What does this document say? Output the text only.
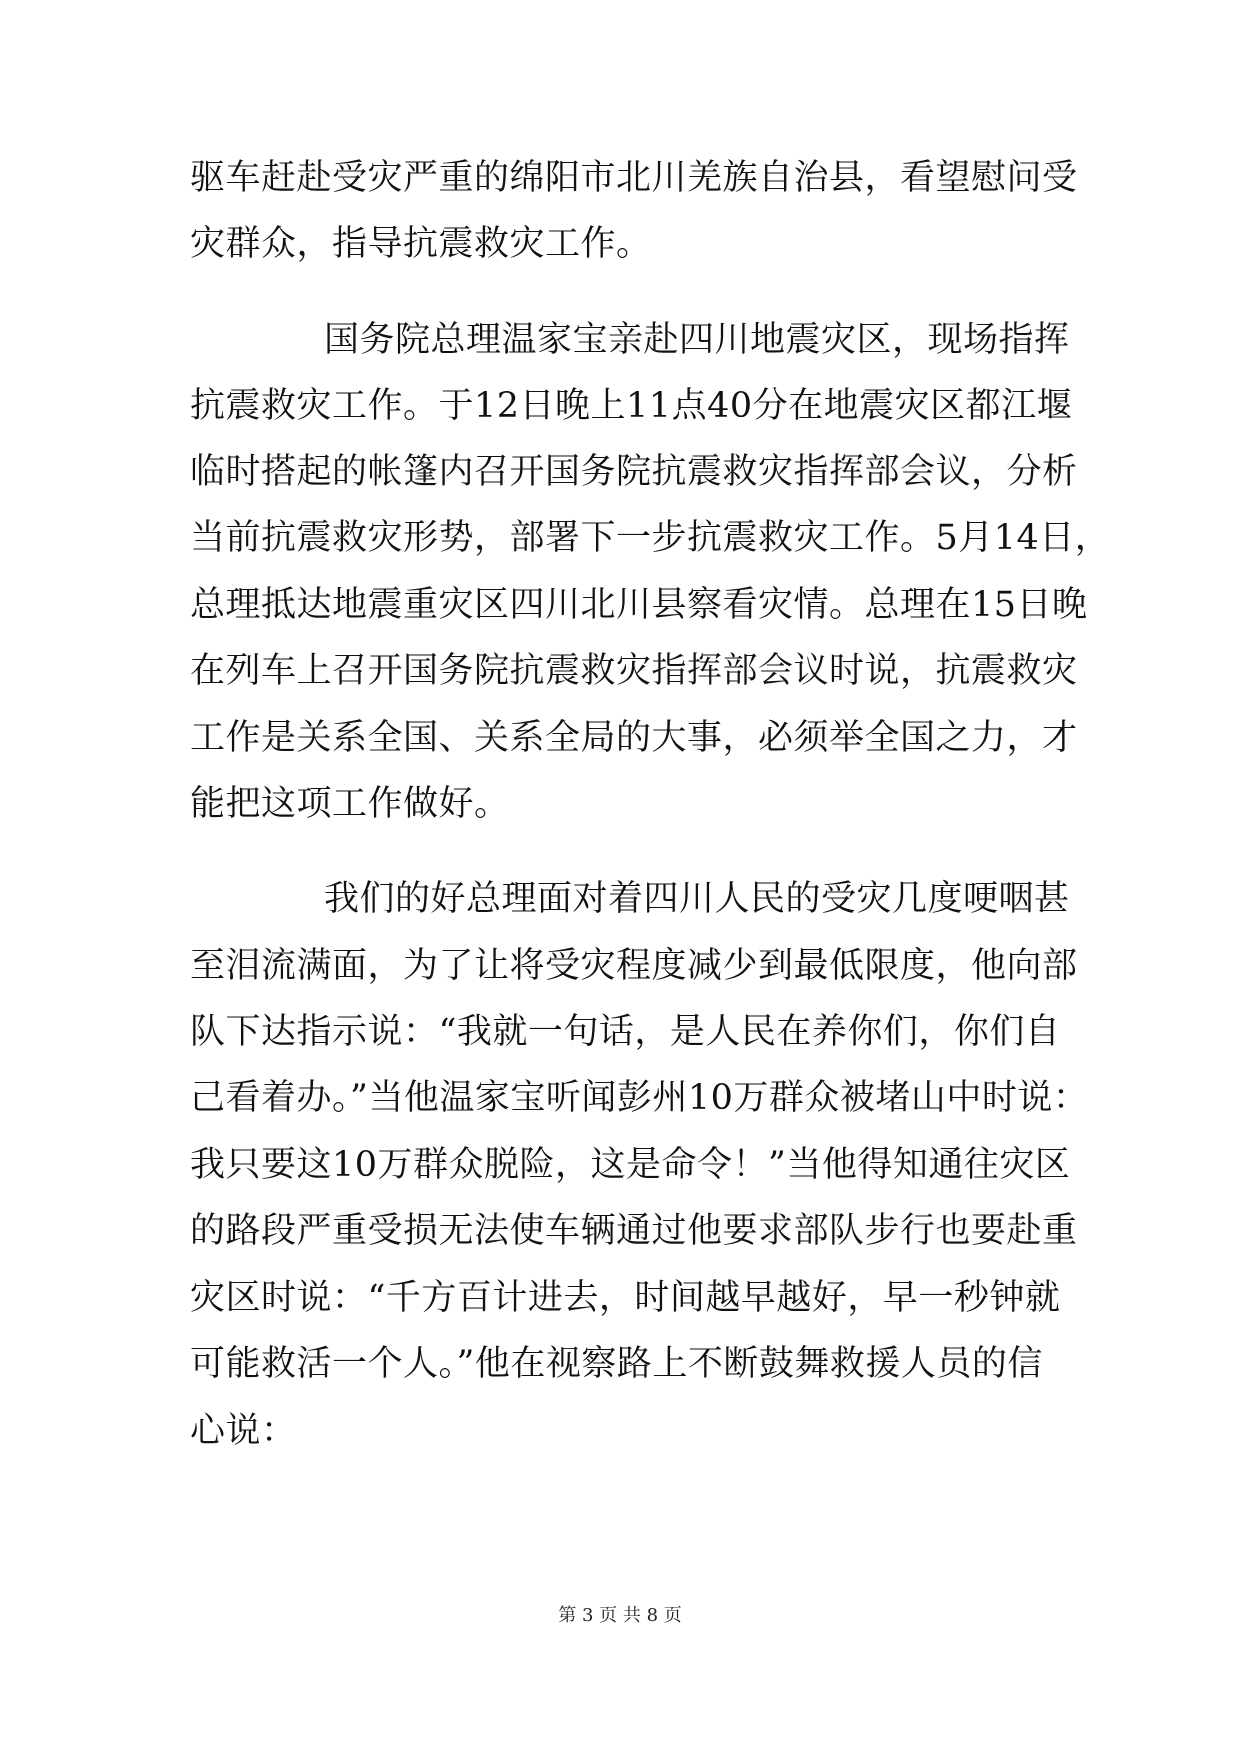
驱车赶赴受灾严重的绵阳市北川羌族自治县，看望慰问受
灾群众，指导抗震救灾工作。
国务院总理温家宝亲赴四川地震灾区，现场指挥
抗震救灾工作。于12日晚上11点40分在地震灾区都江堰
临时搭起的帐篷内召开国务院抗震救灾指挥部会议，分析
当前抗震救灾形势，部署下一步抗震救灾工作。5月14日，
总理抵达地震重灾区四川北川县察看灾情。总理在15日晚
在列车上召开国务院抗震救灾指挥部会议时说，抗震救灾
工作是关系全国、关系全局的大事，必须举全国之力，才
能把这项工作做好。
我们的好总理面对着四川人民的受灾几度哽咽甚
至泪流满面，为了让将受灾程度减少到最低限度，他向部
队下达指示说：“我就一句话，是人民在养你们，你们自
己看着办。”当他温家宝听闻彭州10万群众被堵山中时说：
我只要这10万群众脱险，这是命令！”当他得知通往灾区
的路段严重受损无法使车辆通过他要求部队步行也要赴重
灾区时说：“千方百计进去，时间越早越好，早一秒钟就
可能救活一个人。”他在视察路上不断鼓舞救援人员的信
心说：
第 3 页 共 8 页
